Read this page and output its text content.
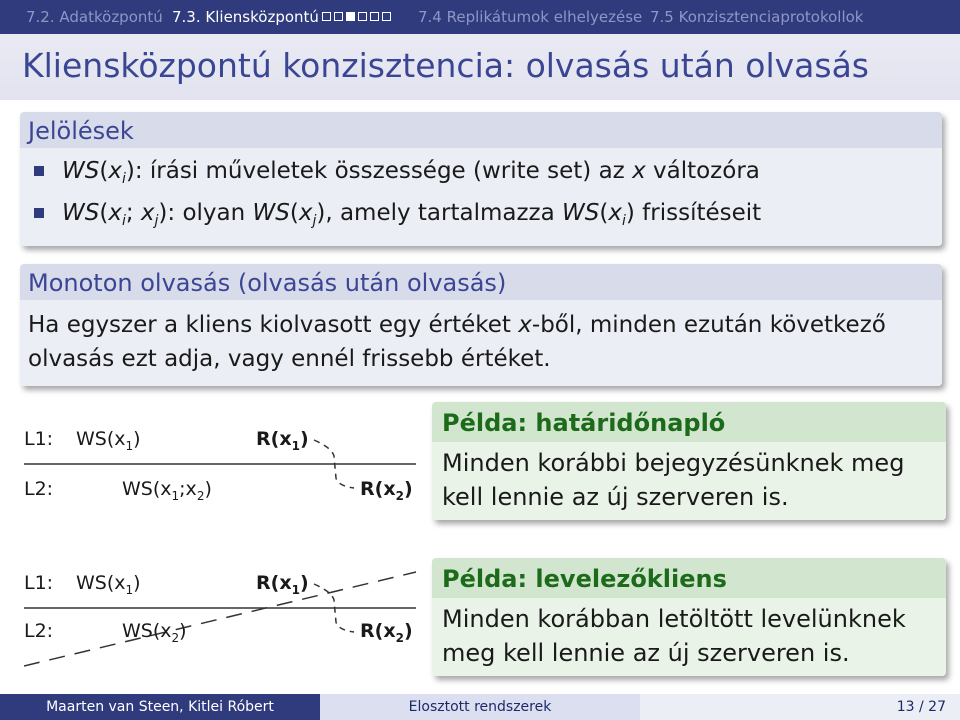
7.2. Adatközpontú 7.3. Kliensközpontú	7.4 Replikátumok elhelyezése 7.5 Konzisztenciaprotokollok
Kliensközpontú konzisztencia: olvasás után olvasás
Jelölések
$WS(x_i)$: írási műveletek összessége (write set) az x változóra
$WS(x_i$; $x_j$): olyan $WS(x_j)$, amely tartalmazza $WS(x_i)$ frissítéseit
Monoton olvasás (olvasás után olvasás)
Ha egyszer a kliens kiolvasott egy értéket x-ből, minden ezután következő olvasás ezt adja, vagy ennél frissebb értéket.
L1: $WS(x_1)$	$R(x_1)$
L2:	$WS(x_1;x_2)$	$R(x_2)$
Példa: határidőnapló
Minden korábbi bejegyzésünknek meg kell lennie az új szerveren is.
L1: $WS(x_1)$	$R(x_1)$
L2:	$WS(x_2)$	$R(x_2)$
Példa: levelezőkliens
Minden korábban letöltött levelünknek meg kell lennie az új szerveren is.
Maarten van Steen, Kitlei Róbert	Elosztott rendszerek	13 / 27
